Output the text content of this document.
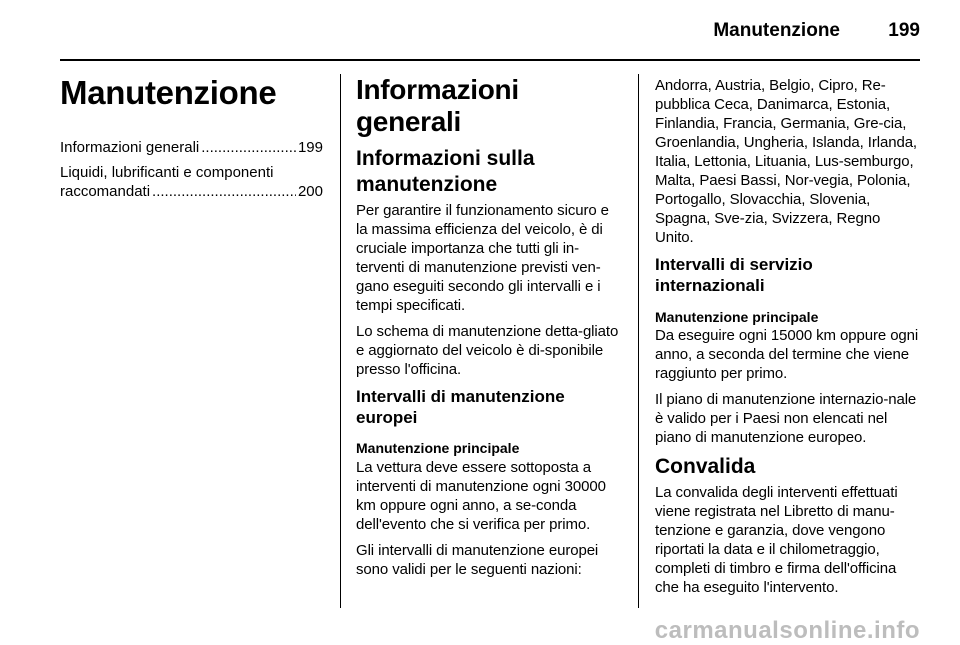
Manutenzione	199
Manutenzione
Informazioni generali .....	199
Liquidi, lubrificanti e componenti
raccomandati .....	200
Informazioni generali
Informazioni sulla manutenzione

Per garantire il funzionamento sicuro e la massima efficienza del veicolo, è di cruciale importanza che tutti gli in-terventi di manutenzione previsti ven-gano eseguiti secondo gli intervalli e i tempi specificati.

Lo schema di manutenzione detta-gliato e aggiornato del veicolo è di-sponibile presso l'officina.

Intervalli di manutenzione europei
Manutenzione principale

La vettura deve essere sottoposta a interventi di manutenzione ogni 30000 km oppure ogni anno, a se-conda dell'evento che si verifica per primo.

Gli intervalli di manutenzione europei sono validi per le seguenti nazioni:

Andorra, Austria, Belgio, Cipro, Re-pubblica Ceca, Danimarca, Estonia, Finlandia, Francia, Germania, Gre-cia, Groenlandia, Ungheria, Islanda, Irlanda, Italia, Lettonia, Lituania, Lus-semburgo, Malta, Paesi Bassi, Nor-vegia, Polonia, Portogallo, Slovacchia, Slovenia, Spagna, Sve-zia, Svizzera, Regno Unito.

Intervalli di servizio internazionali
Manutenzione principale

Da eseguire ogni 15000 km oppure ogni anno, a seconda del termine che viene raggiunto per primo.

Il piano di manutenzione internazio-nale è valido per i Paesi non elencati nel piano di manutenzione europeo.

Convalida

La convalida degli interventi effettuati viene registrata nel Libretto di manu-tenzione e garanzia, dove vengono riportati la data e il chilometraggio, completi di timbro e firma dell'officina che ha eseguito l'intervento.

carmanualsonline.info
